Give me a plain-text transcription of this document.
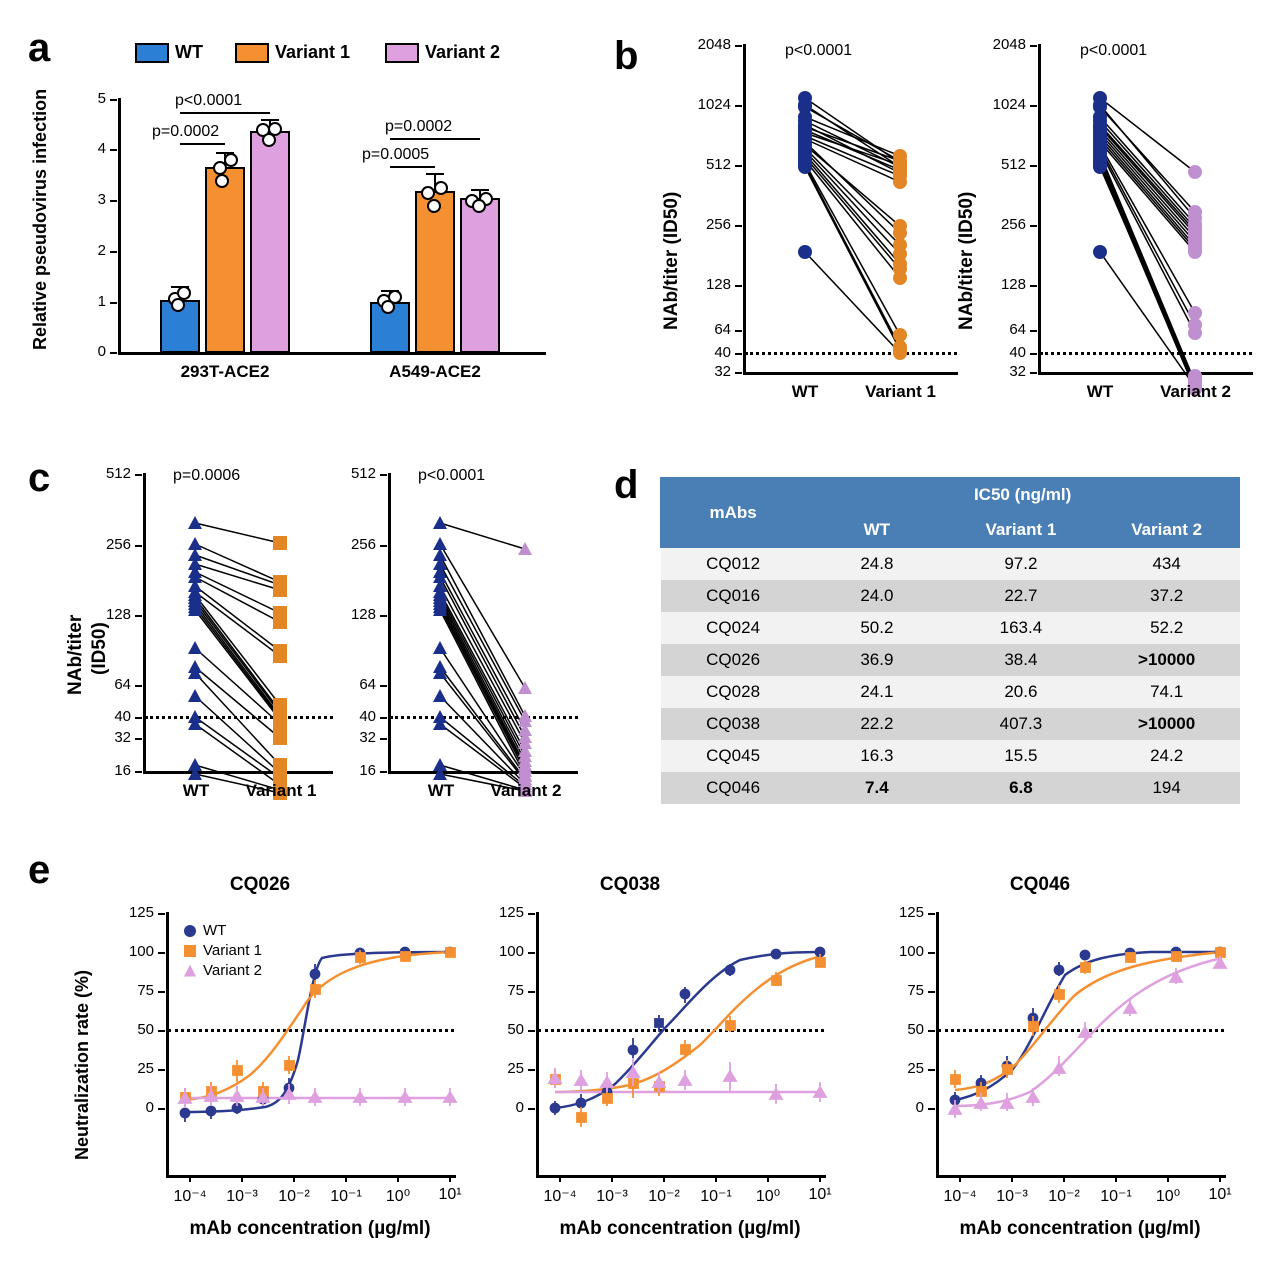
a	WT	Variant 1	Variant 2
Relative pseudovirus infection	5
4
3
2
1
0
p=0.0002
p<0.0001
p=0.0005
p=0.0002
293T-ACE2	A549-ACE2
b
NAb/titer (ID50)
2048
1024
512
256
128
64
40
32
p<0.0001
WT	Variant 1
NAb/titer (ID50)
2048
1024
512
256
128
64
40
32
p<0.0001
WT	Variant 2
c
NAb/titer (ID50)
512
256
128
64
40
32
16
p=0.0006
WT	Variant 1
512
256
128
64
40
32
16
p<0.0001
WT	Variant 2
d
mAbs	IC50 (ng/ml)		
	WT	Variant 1	Variant 2
CQ012	24.8	97.2	434
CQ016	24.0	22.7	37.2
CQ024	50.2	163.4	52.2
CQ026	36.9	38.4	>10000
CQ028	24.1	20.6	74.1
CQ038	22.2	407.3	>10000
CQ045	16.3	15.5	24.2
CQ046	7.4	6.8	194
e	CQ026
Neutralization rate (%)
125
100
75
50
25
0
WT
Variant 1
Variant 2
10⁻⁴	10⁻³	10⁻²	10⁻¹	10⁰	10¹
mAb concentration (µg/ml)
CQ038
125
100
75
50
25
0
10⁻⁴	10⁻³	10⁻²	10⁻¹	10⁰	10¹
mAb concentration (µg/ml)
CQ046
125
100
75
50
25
0
10⁻⁴	10⁻³	10⁻²	10⁻¹	10⁰	10¹
mAb concentration (µg/ml)
